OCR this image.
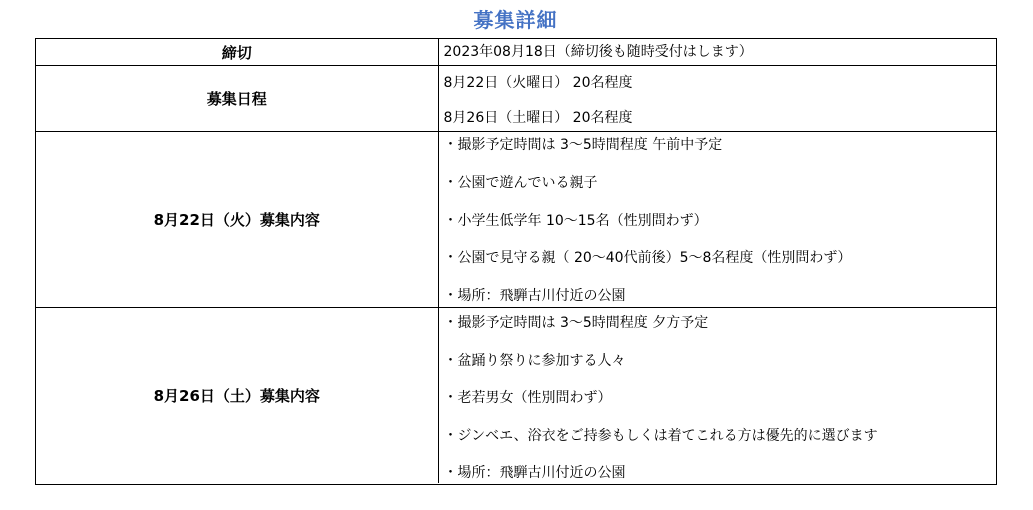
募集詳細
締切	2023年08月18日（締切後も随時受付はします）
募集日程
8月22日（火曜日） 20名程度
8月26日（土曜日） 20名程度
8月22日（火）募集内容
・撮影予定時間は 3～5時間程度 午前中予定
・公園で遊んでいる親子
・小学生低学年 10～15名（性別問わず）
・公園で見守る親（ 20～40代前後）5～8名程度（性別問わず）
・場所：飛騨古川付近の公園
8月26日（土）募集内容
・撮影予定時間は 3～5時間程度 夕方予定
・盆踊り祭りに参加する人々
・老若男女（性別問わず）
・ジンベエ、浴衣をご持参もしくは着てこれる方は優先的に選びます
・場所：飛騨古川付近の公園
